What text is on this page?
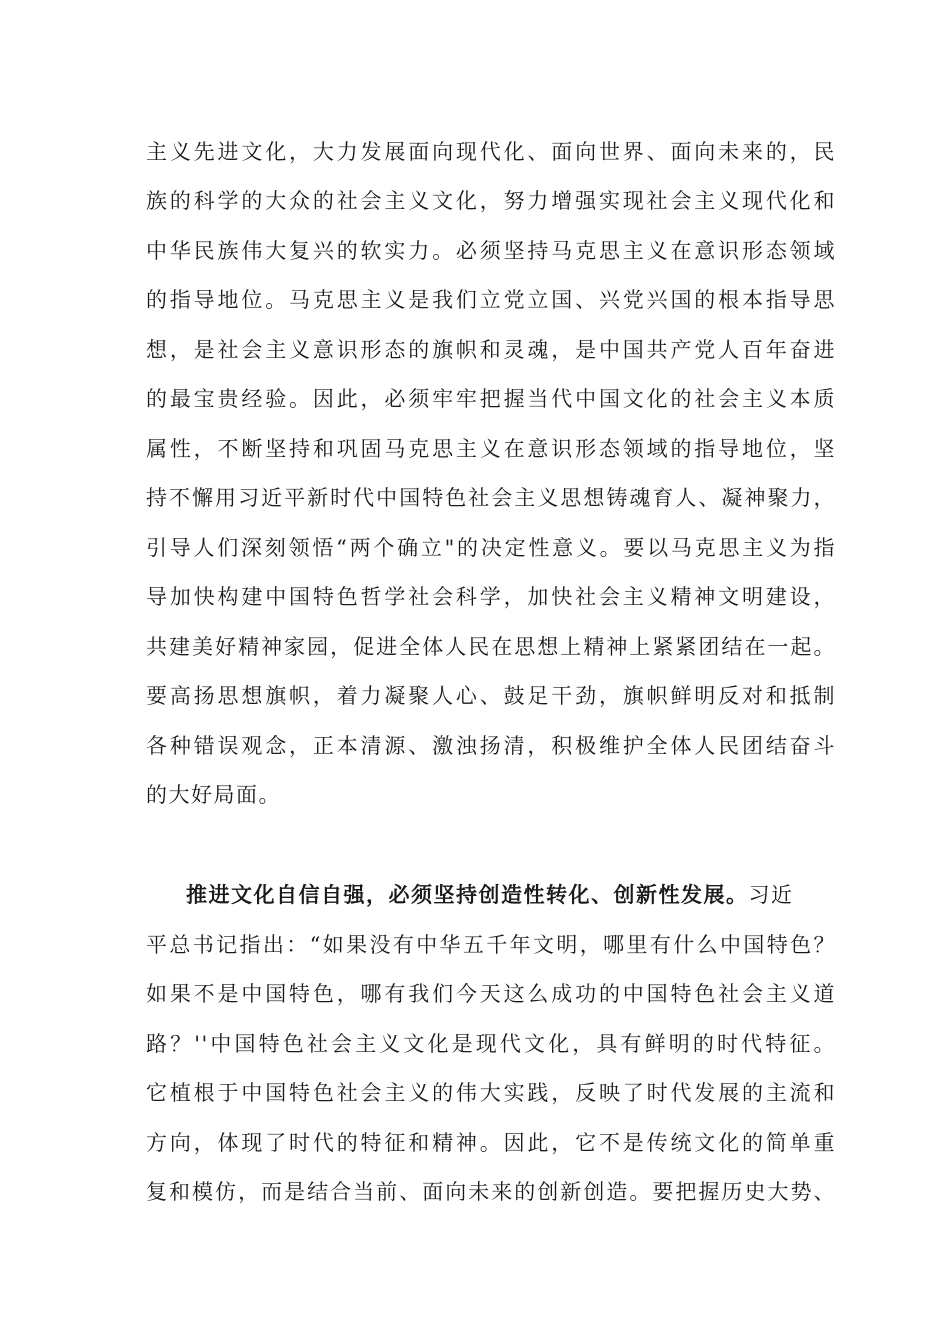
主义先进文化，大力发展面向现代化、面向世界、面向未来的，民
族的科学的大众的社会主义文化，努力增强实现社会主义现代化和
中华民族伟大复兴的软实力。必须坚持马克思主义在意识形态领域
的指导地位。马克思主义是我们立党立国、兴党兴国的根本指导思
想，是社会主义意识形态的旗帜和灵魂，是中国共产党人百年奋进
的最宝贵经验。因此，必须牢牢把握当代中国文化的社会主义本质
属性，不断坚持和巩固马克思主义在意识形态领域的指导地位，坚
持不懈用习近平新时代中国特色社会主义思想铸魂育人、凝神聚力，
引导人们深刻领悟“两个确立"的决定性意义。要以马克思主义为指
导加快构建中国特色哲学社会科学，加快社会主义精神文明建设，
共建美好精神家园，促进全体人民在思想上精神上紧紧团结在一起。
要高扬思想旗帜，着力凝聚人心、鼓足干劲，旗帜鲜明反对和抵制
各种错误观念，正本清源、激浊扬清，积极维护全体人民团结奋斗
的大好局面。
推进文化自信自强，必须坚持创造性转化、创新性发展。习近
平总书记指出：“如果没有中华五千年文明，哪里有什么中国特色？
如果不是中国特色，哪有我们今天这么成功的中国特色社会主义道
路？''中国特色社会主义文化是现代文化，具有鲜明的时代特征。
它植根于中国特色社会主义的伟大实践，反映了时代发展的主流和
方向，体现了时代的特征和精神。因此，它不是传统文化的简单重
复和模仿，而是结合当前、面向未来的创新创造。要把握历史大势、
